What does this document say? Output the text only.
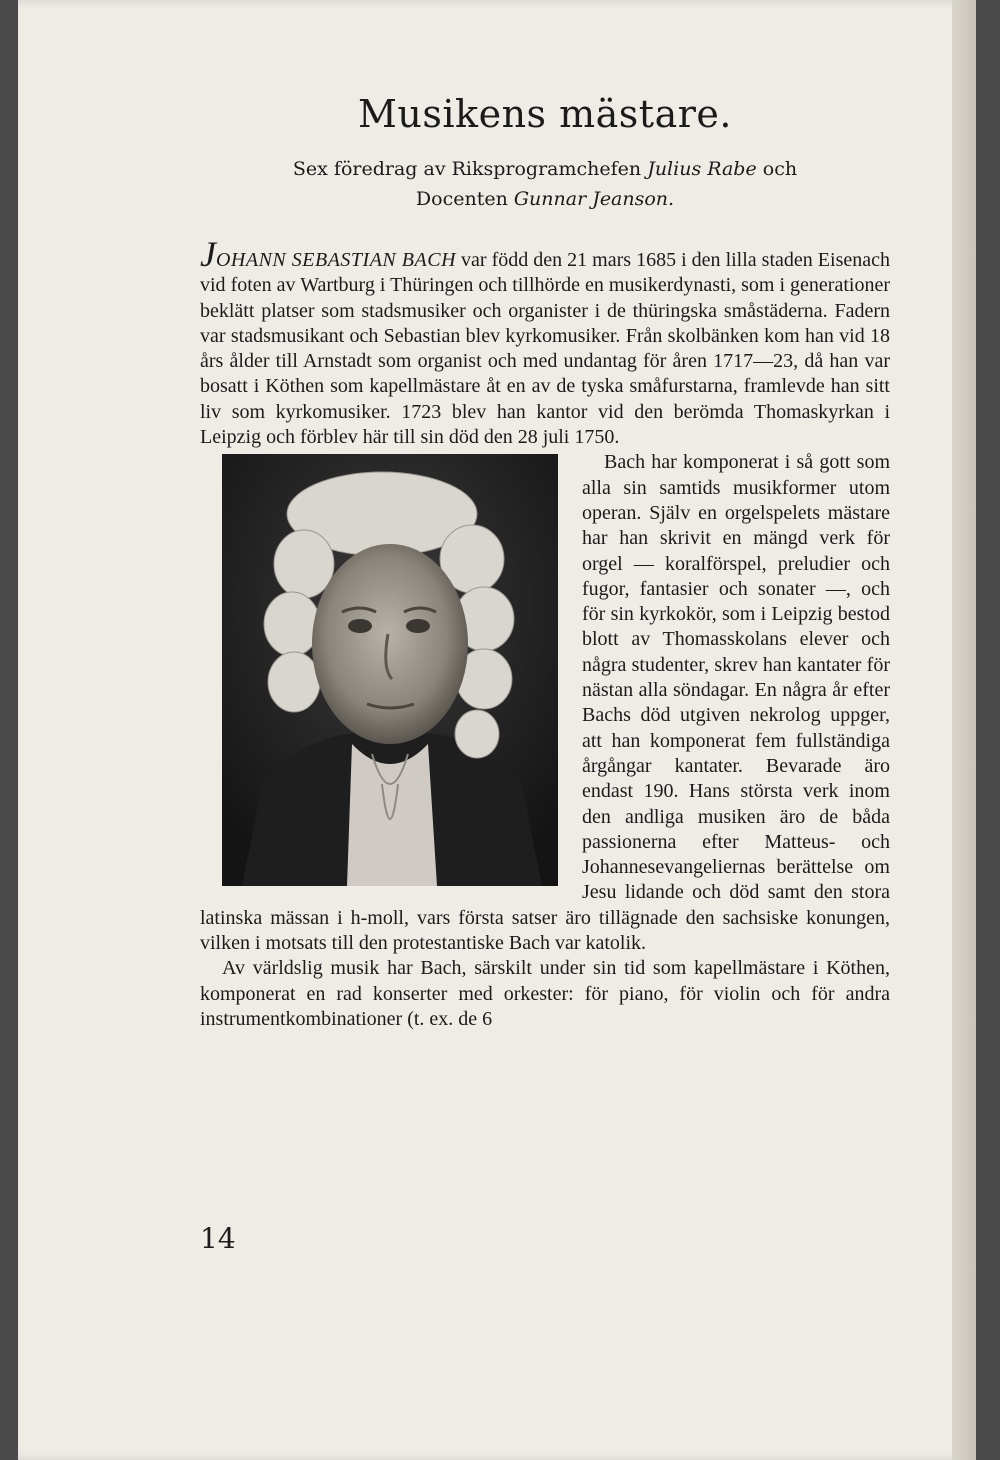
Musikens mästare.
Sex föredrag av Riksprogramchefen Julius Rabe och
Docenten Gunnar Jeanson.

JOHANN SEBASTIAN BACH var född den 21 mars 1685 i den lilla staden Eisenach vid foten av Wartburg i Thüringen och tillhörde en musikerdynasti, som i generationer beklätt platser som stadsmusiker och organister i de thüringska småstäderna. Fadern var stadsmusikant och Sebastian blev kyrkomusiker. Från skolbänken kom han vid 18 års ålder till Arnstadt som organist och med undantag för åren 1717—23, då han var bosatt i Köthen som kapellmästare åt en av de tyska småfurstarna, framlevde han sitt liv som kyrkomusiker. 1723 blev han kantor vid den berömda Thomaskyrkan i Leipzig och förblev här till sin död den 28 juli 1750.

Bach har komponerat i så gott som alla sin samtids musikformer utom operan. Själv en orgelspelets mästare har han skrivit en mängd verk för orgel — koralförspel, preludier och fugor, fantasier och sonater —, och för sin kyrkokör, som i Leipzig bestod blott av Thomasskolans elever och några studenter, skrev han kantater för nästan alla söndagar. En några år efter Bachs död utgiven nekrolog uppger, att han komponerat fem fullständiga årgångar kantater. Bevarade äro endast 190. Hans största verk inom den andliga musiken äro de båda passionerna efter Matteus- och Johannesevangeliernas berättelse om Jesu lidande och död samt den stora latinska mässan i h-moll, vars första satser äro tillägnade den sachsiske konungen, vilken i motsats till den protestantiske Bach var katolik.

Av världslig musik har Bach, särskilt under sin tid som kapellmästare i Köthen, komponerat en rad konserter med orkester: för piano, för violin och för andra instrumentkombinationer (t. ex. de 6

14
